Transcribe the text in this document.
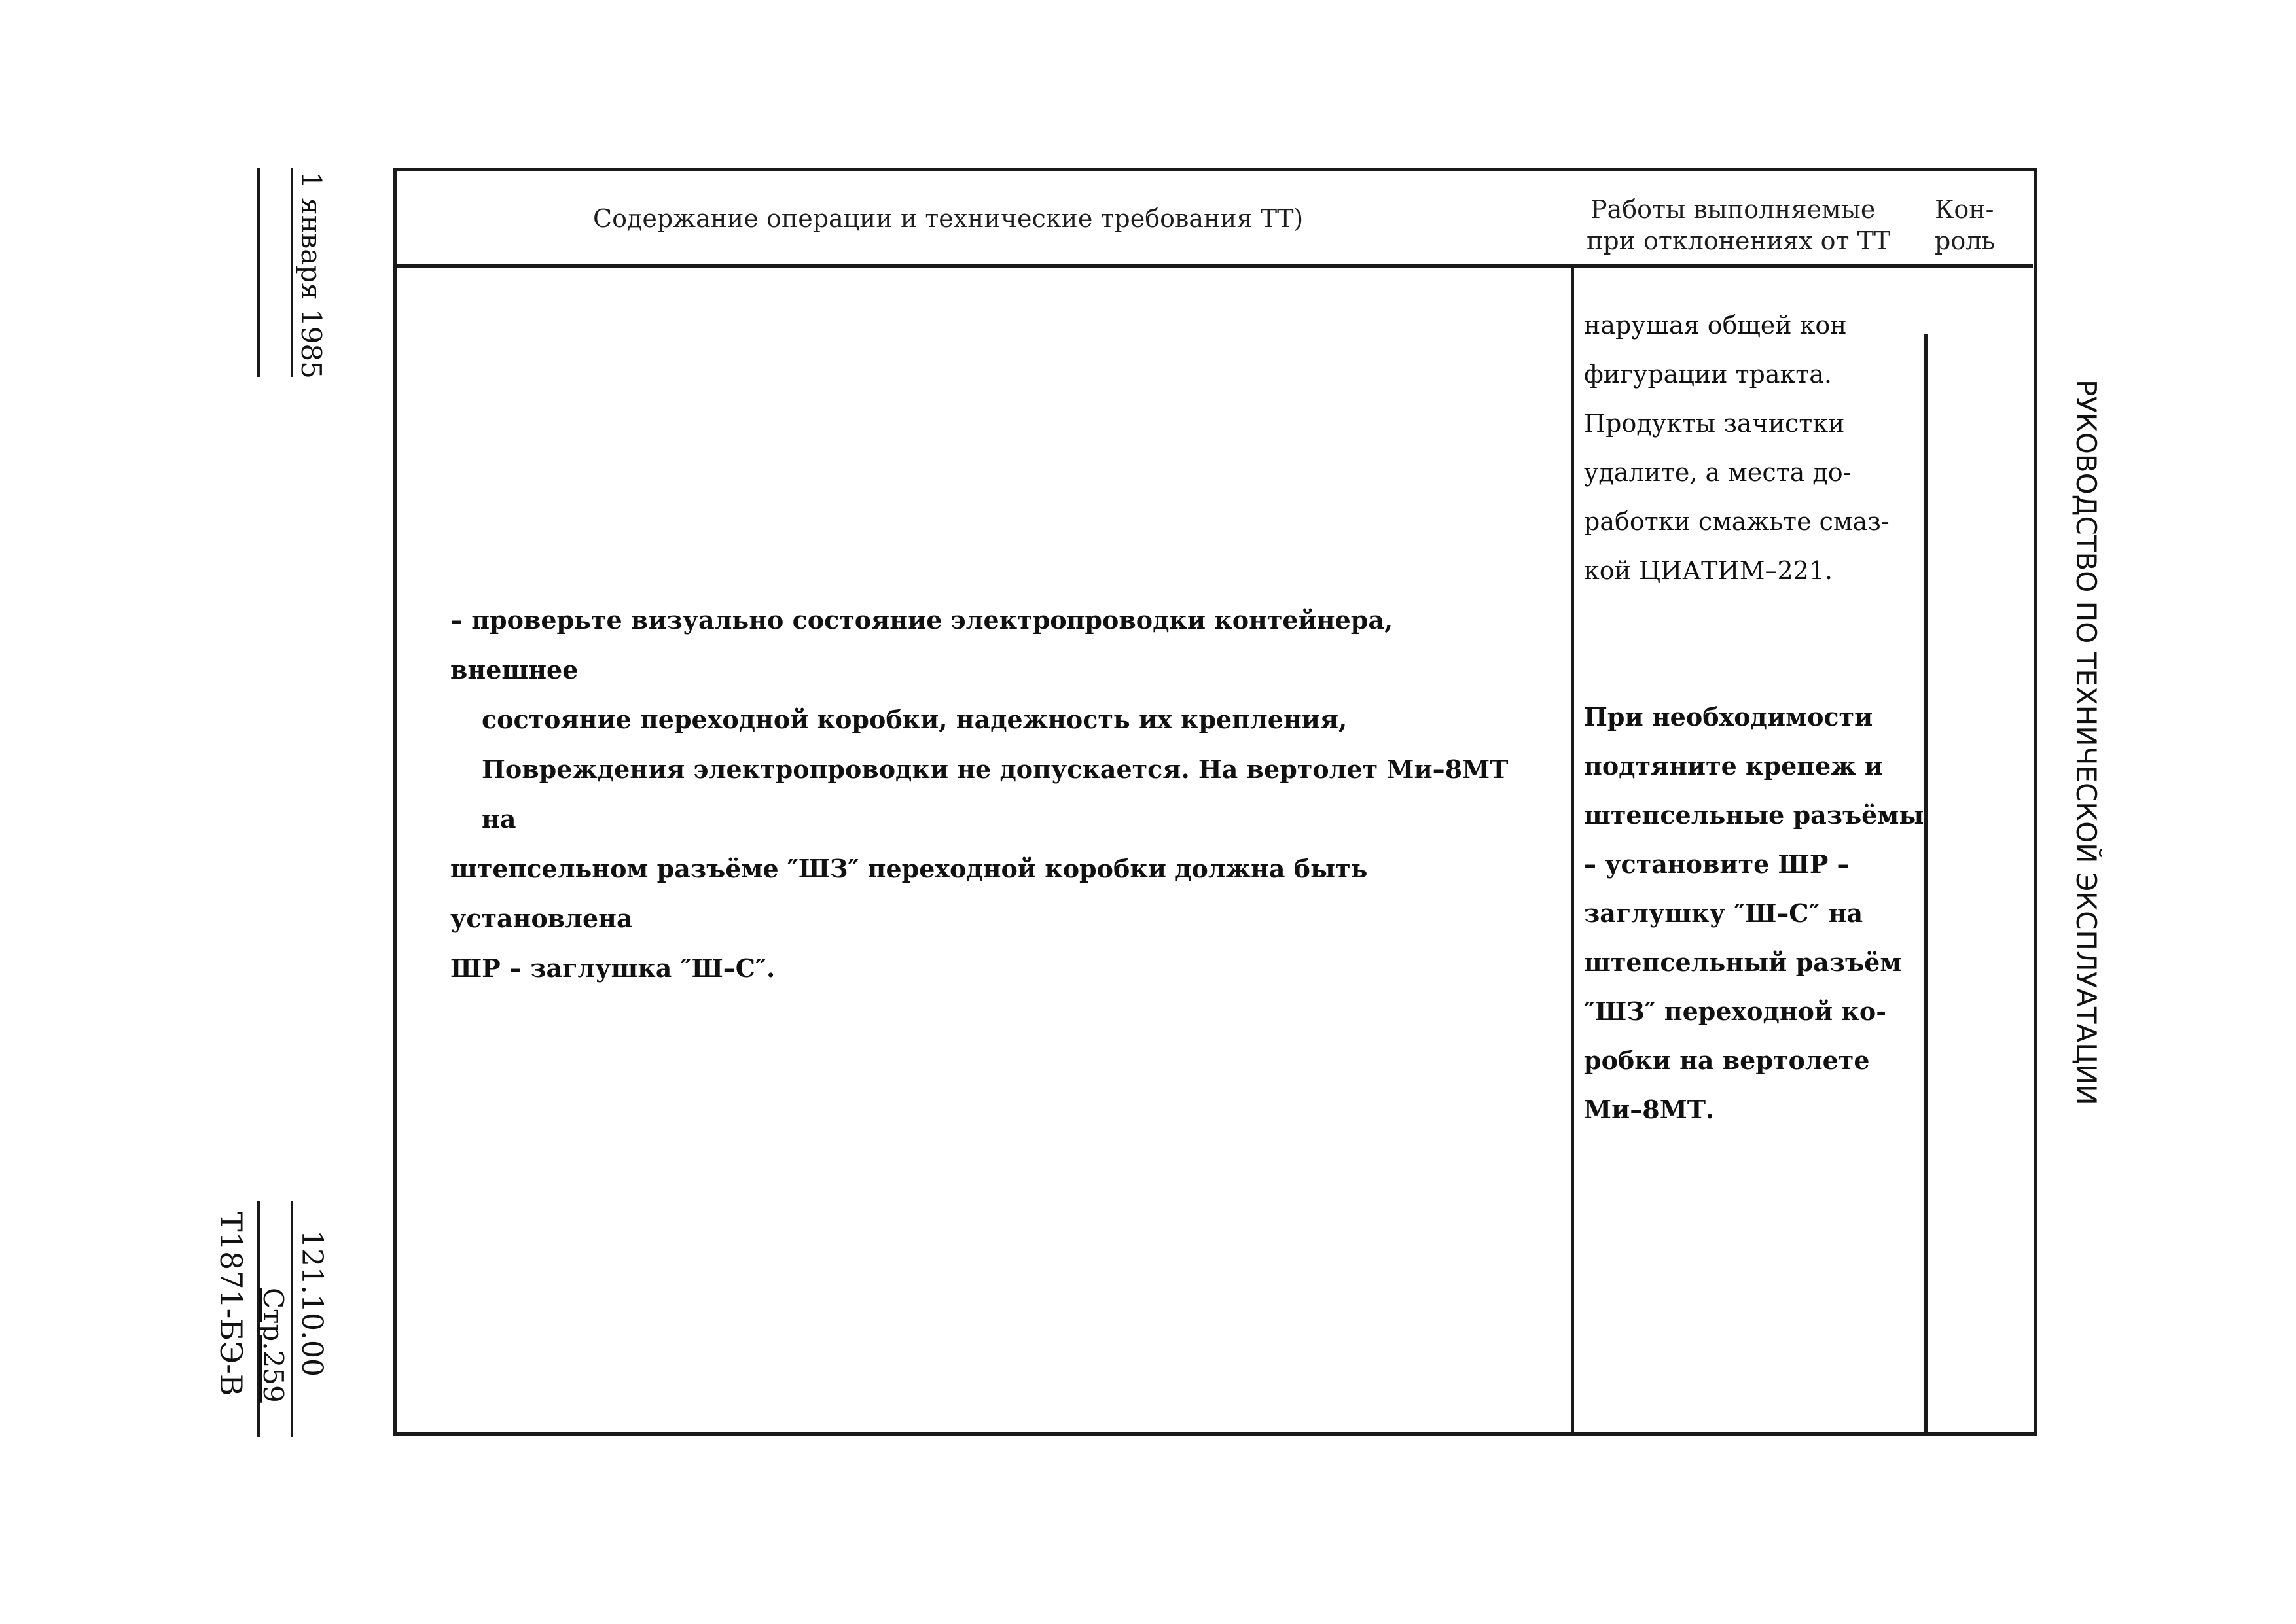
Содержание операции и технические требования ТТ)	Работы выполняемые
при отклонениях от ТТ
Кон-
роль

– проверьте визуально состояние электропроводки контейнера, внешнее

состояние переходной коробки, надежность их крепления,

Повреждения электропроводки не допускается. На вертолет Ми–8МТ на

штепсельном разъёме ″ШЗ″ переходной коробки должна быть установлена

ШР – заглушка ″Ш–С″.

нарушая общей кон

фигурации тракта.

Продукты зачистки

удалите, а места до-

работки смажьте смаз-

кой ЦИАТИМ–221.

При необходимости

подтяните крепеж и

штепсельные разъёмы

– установите ШР –

заглушку ″Ш–С″ на

штепсельный разъём

″ШЗ″ переходной ко-

робки на вертолете

Ми–8МТ.

1 января 1985
121.10.00
Стр.259
Т1871-БЭ-В
РУКОВОДСТВО ПО ТЕХНИЧЕСКОЙ ЭКСПЛУАТАЦИИ
